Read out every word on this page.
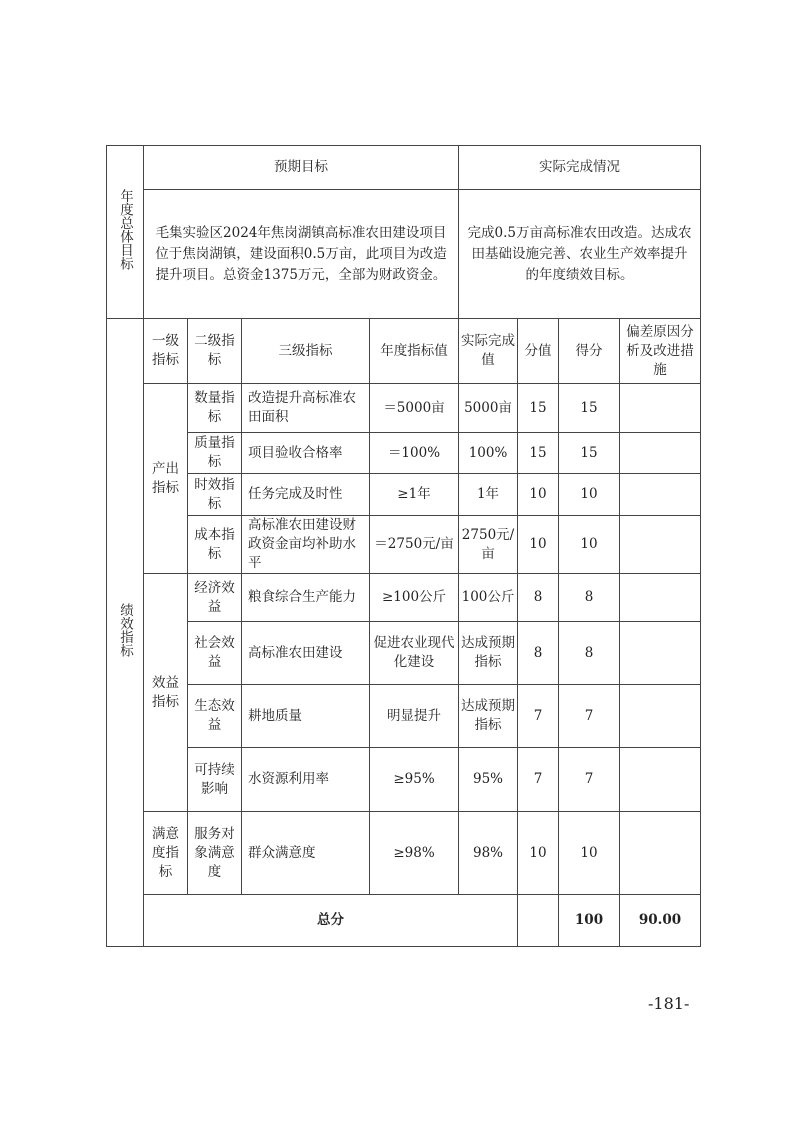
年度总体目标	预期目标				实际完成情况				
	毛集实验区2024年焦岗湖镇高标准农田建设项目位于焦岗湖镇，建设面积0.5万亩，此项目为改造提升项目。总资金1375万元，全部为财政资金。				完成0.5万亩高标准农田改造。达成农田基础设施完善、农业生产效率提升的年度绩效目标。				
绩效指标	一级指标	二级指标	三级指标	年度指标值	实际完成值	分值	得分	偏差原因分析及改进措施	
	产出指标	数量指标	改造提升高标准农田面积	＝5000亩	5000亩	15	15		
		质量指标	项目验收合格率	＝100%	100%	15	15		
		时效指标	任务完成及时性	≥1年	1年	10	10		
		成本指标	高标准农田建设财政资金亩均补助水平	＝2750元/亩	2750元/亩	10	10		
	效益指标	经济效益	粮食综合生产能力	≥100公斤	100公斤	8	8		
		社会效益	高标准农田建设	促进农业现代化建设	达成预期指标	8	8		
		生态效益	耕地质量	明显提升	达成预期指标	7	7		
		可持续影响	水资源利用率	≥95%	95%	7	7		
	满意度指标	服务对象满意度	群众满意度	≥98%	98%	10	10		
	总分						100	90.00	
-181-
